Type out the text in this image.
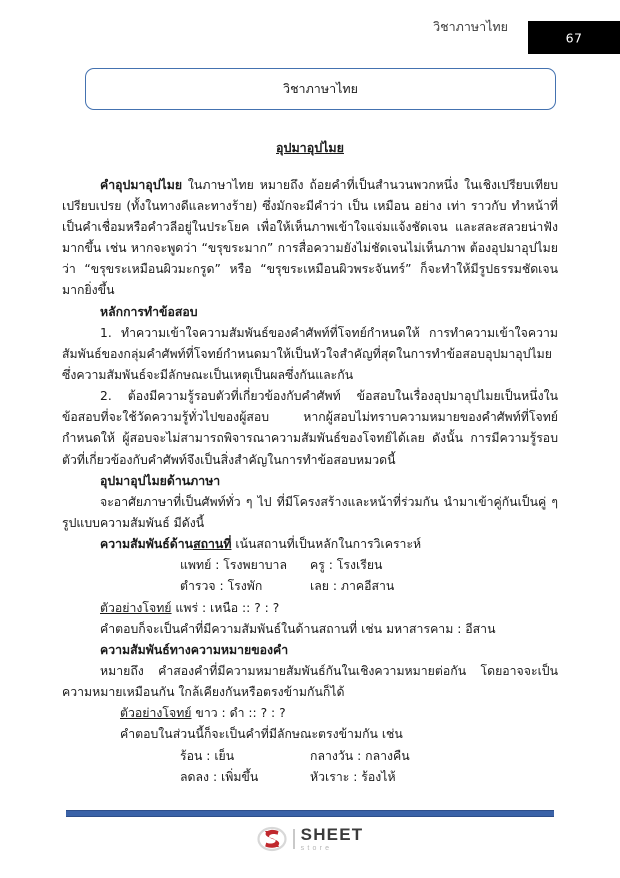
วิชาภาษาไทย
67
วิชาภาษาไทย
อุปมาอุปไมย

คำอุปมาอุปไมย ในภาษาไทย หมายถึง ถ้อยคำที่เป็นสำนวนพวกหนึ่ง ในเชิงเปรียบเทียบเปรียบเปรย (ทั้งในทางดีและทางร้าย) ซึ่งมักจะมีคำว่า เป็น เหมือน อย่าง เท่า ราวกับ ทำหน้าที่เป็นคำเชื่อมหรือคำวลีอยู่ในประโยค เพื่อให้เห็นภาพเข้าใจแจ่มแจ้งชัดเจน และสละสลวยน่าฟังมากขึ้น เช่น หากจะพูดว่า “ขรุขระมาก” การสื่อความยังไม่ชัดเจนไม่เห็นภาพ ต้องอุปมาอุปไมยว่า “ขรุขระเหมือนผิวมะกรูด” หรือ “ขรุขระเหมือนผิวพระจันทร์” ก็จะทำให้มีรูปธรรมชัดเจนมากยิ่งขึ้น

หลักการทำข้อสอบ

1. ทำความเข้าใจความสัมพันธ์ของคำศัพท์ที่โจทย์กำหนดให้ การทำความเข้าใจความสัมพันธ์ของกลุ่มคำศัพท์ที่โจทย์กำหนดมาให้เป็นหัวใจสำคัญที่สุดในการทำข้อสอบอุปมาอุปไมย ซึ่งความสัมพันธ์จะมีลักษณะเป็นเหตุเป็นผลซึ่งกันและกัน

2. ต้องมีความรู้รอบตัวที่เกี่ยวข้องกับคำศัพท์ ข้อสอบในเรื่องอุปมาอุปไมยเป็นหนึ่งในข้อสอบที่จะใช้วัดความรู้ทั่วไปของผู้สอบ หากผู้สอบไม่ทราบความหมายของคำศัพท์ที่โจทย์กำหนดให้ ผู้สอบจะไม่สามารถพิจารณาความสัมพันธ์ของโจทย์ได้เลย ดังนั้น การมีความรู้รอบตัวที่เกี่ยวข้องกับคำศัพท์จึงเป็นสิ่งสำคัญในการทำข้อสอบหมวดนี้

อุปมาอุปไมยด้านภาษา

จะอาศัยภาษาที่เป็นศัพท์ทั่ว ๆ ไป ที่มีโครงสร้างและหน้าที่ร่วมกัน นำมาเข้าคู่กันเป็นคู่ ๆ รูปแบบความสัมพันธ์ มีดังนี้

ความสัมพันธ์ด้านสถานที่ เน้นสถานที่เป็นหลักในการวิเคราะห์
แพทย์ : โรงพยาบาล	ครู : โรงเรียน
ตำรวจ : โรงพัก	เลย : ภาคอีสาน
ตัวอย่างโจทย์ แพร่ : เหนือ :: ? : ?
คำตอบก็จะเป็นคำที่มีความสัมพันธ์ในด้านสถานที่ เช่น มหาสารคาม : อีสาน
ความสัมพันธ์ทางความหมายของคำ

หมายถึง คำสองคำที่มีความหมายสัมพันธ์กันในเชิงความหมายต่อกัน โดยอาจจะเป็นความหมายเหมือนกัน ใกล้เคียงกันหรือตรงข้ามกันก็ได้

ตัวอย่างโจทย์ ขาว : ดำ :: ? : ?
คำตอบในส่วนนี้ก็จะเป็นคำที่มีลักษณะตรงข้ามกัน เช่น
ร้อน : เย็น	กลางวัน : กลางคืน
ลดลง : เพิ่มขึ้น	หัวเราะ : ร้องไห้
SHEET
store
